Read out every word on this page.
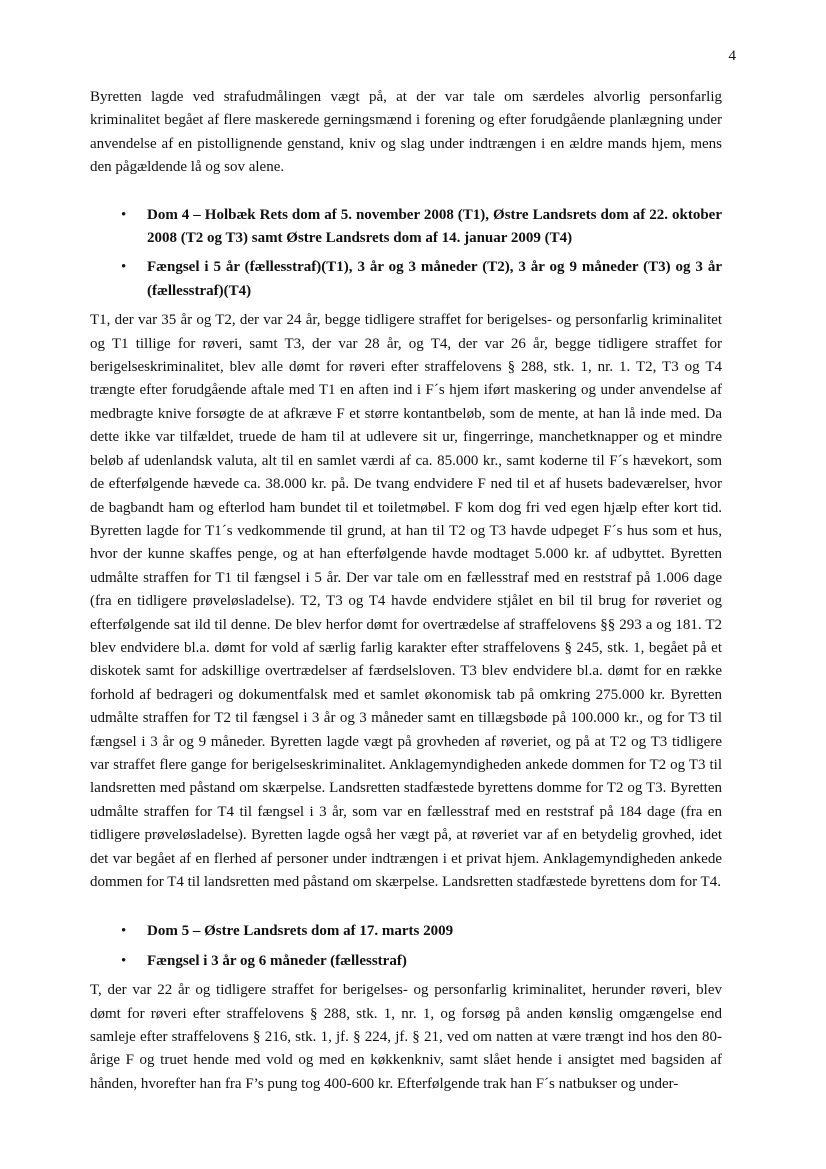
4

Byretten lagde ved strafudmålingen vægt på, at der var tale om særdeles alvorlig personfarlig kriminalitet begået af flere maskerede gerningsmænd i forening og efter forudgående planlægning under anvendelse af en pistollignende genstand, kniv og slag under indtrængen i en ældre mands hjem, mens den pågældende lå og sov alene.

• Dom 4 – Holbæk Rets dom af 5. november 2008 (T1), Østre Landsrets dom af 22. oktober 2008 (T2 og T3) samt Østre Landsrets dom af 14. januar 2009 (T4)
• Fængsel i 5 år (fællesstraf)(T1), 3 år og 3 måneder (T2), 3 år og 9 måneder (T3) og 3 år (fællesstraf)(T4)

T1, der var 35 år og T2, der var 24 år, begge tidligere straffet for berigelses- og personfarlig kriminalitet og T1 tillige for røveri, samt T3, der var 28 år, og T4, der var 26 år, begge tidligere straffet for berigelseskriminalitet, blev alle dømt for røveri efter straffelovens § 288, stk. 1, nr. 1. T2, T3 og T4 trængte efter forudgående aftale med T1 en aften ind i F´s hjem iført maskering og under anvendelse af medbragte knive forsøgte de at afkræve F et større kontantbeløb, som de mente, at han lå inde med. Da dette ikke var tilfældet, truede de ham til at udlevere sit ur, fingerringe, manchetknapper og et mindre beløb af udenlandsk valuta, alt til en samlet værdi af ca. 85.000 kr., samt koderne til F´s hævekort, som de efterfølgende hævede ca. 38.000 kr. på. De tvang endvidere F ned til et af husets badeværelser, hvor de bagbandt ham og efterlod ham bundet til et toiletmøbel. F kom dog fri ved egen hjælp efter kort tid. Byretten lagde for T1´s vedkommende til grund, at han til T2 og T3 havde udpeget F´s hus som et hus, hvor der kunne skaffes penge, og at han efterfølgende havde modtaget 5.000 kr. af udbyttet. Byretten udmålte straffen for T1 til fængsel i 5 år. Der var tale om en fællesstraf med en reststraf på 1.006 dage (fra en tidligere prøveløsladelse). T2, T3 og T4 havde endvidere stjålet en bil til brug for røveriet og efterfølgende sat ild til denne. De blev herfor dømt for overtrædelse af straffelovens §§ 293 a og 181. T2 blev endvidere bl.a. dømt for vold af særlig farlig karakter efter straffelovens § 245, stk. 1, begået på et diskotek samt for adskillige overtrædelser af færdselsloven. T3 blev endvidere bl.a. dømt for en række forhold af bedrageri og dokumentfalsk med et samlet økonomisk tab på omkring 275.000 kr. Byretten udmålte straffen for T2 til fængsel i 3 år og 3 måneder samt en tillægsbøde på 100.000 kr., og for T3 til fængsel i 3 år og 9 måneder. Byretten lagde vægt på grovheden af røveriet, og på at T2 og T3 tidligere var straffet flere gange for berigelseskriminalitet. Anklagemyndigheden ankede dommen for T2 og T3 til landsretten med påstand om skærpelse. Landsretten stadfæstede byrettens domme for T2 og T3. Byretten udmålte straffen for T4 til fængsel i 3 år, som var en fællesstraf med en reststraf på 184 dage (fra en tidligere prøveløsladelse). Byretten lagde også her vægt på, at røveriet var af en betydelig grovhed, idet det var begået af en flerhed af personer under indtrængen i et privat hjem. Anklagemyndigheden ankede dommen for T4 til landsretten med påstand om skærpelse. Landsretten stadfæstede byrettens dom for T4.

• Dom 5 – Østre Landsrets dom af 17. marts 2009
• Fængsel i 3 år og 6 måneder (fællesstraf)

T, der var 22 år og tidligere straffet for berigelses- og personfarlig kriminalitet, herunder røveri, blev dømt for røveri efter straffelovens § 288, stk. 1, nr. 1, og forsøg på anden kønslig omgængelse end samleje efter straffelovens § 216, stk. 1, jf. § 224, jf. § 21, ved om natten at være trængt ind hos den 80-årige F og truet hende med vold og med en køkkenkniv, samt slået hende i ansigtet med bagsiden af hånden, hvorefter han fra F’s pung tog 400-600 kr. Efterfølgende trak han F´s natbukser og under-
